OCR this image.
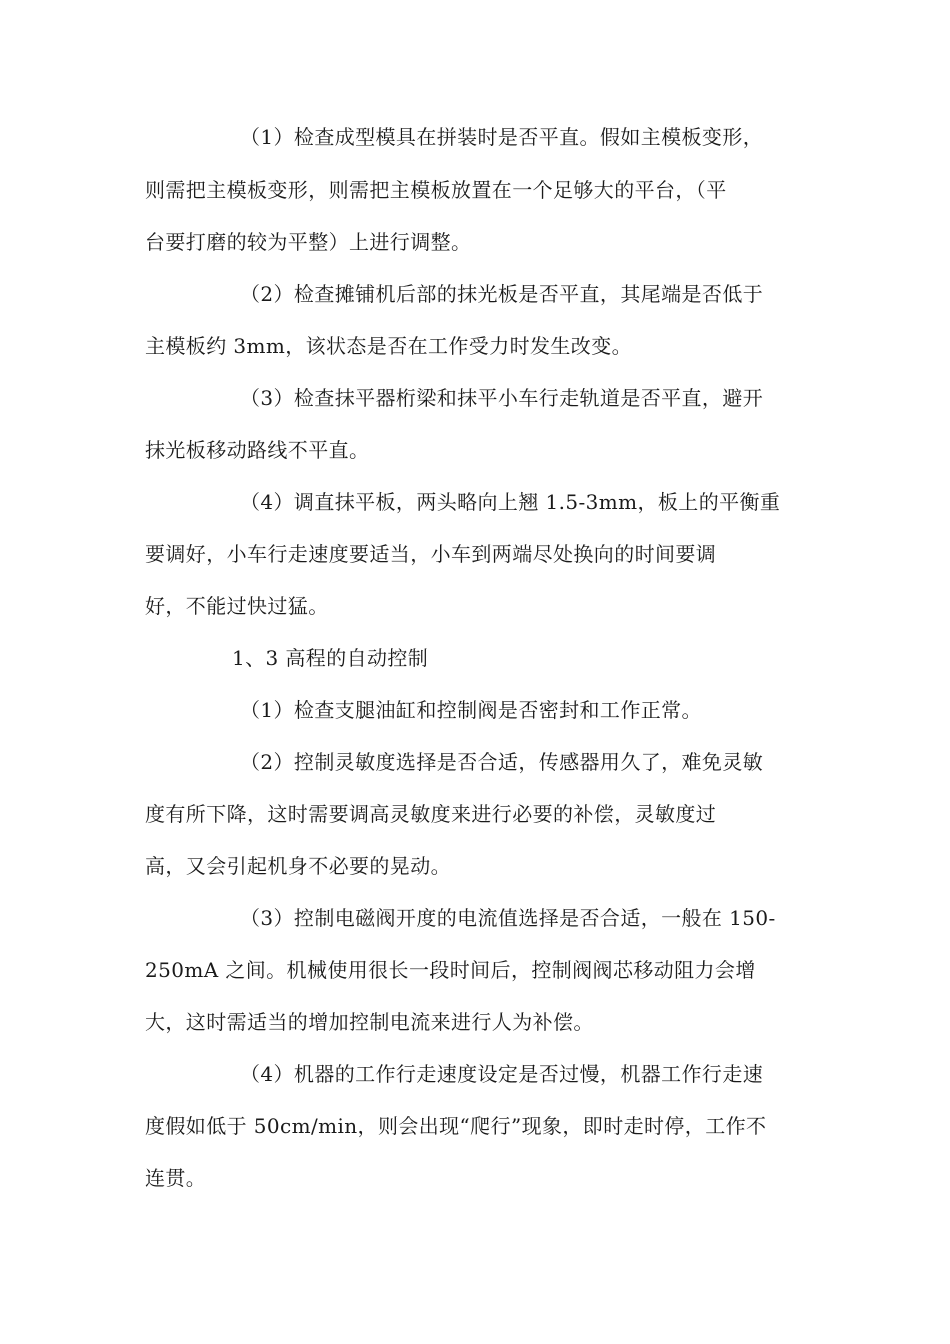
（1）检查成型模具在拼装时是否平直。假如主模板变形，
则需把主模板变形，则需把主模板放置在一个足够大的平台，（平
台要打磨的较为平整）上进行调整。
（2）检查摊铺机后部的抹光板是否平直，其尾端是否低于
主模板约 3mm，该状态是否在工作受力时发生改变。
（3）检查抹平器桁梁和抹平小车行走轨道是否平直，避开
抹光板移动路线不平直。
（4）调直抹平板，两头略向上翘 1.5-3mm，板上的平衡重
要调好，小车行走速度要适当，小车到两端尽处换向的时间要调
好，不能过快过猛。
1、3 高程的自动控制
（1）检查支腿油缸和控制阀是否密封和工作正常。
（2）控制灵敏度选择是否合适，传感器用久了，难免灵敏
度有所下降，这时需要调高灵敏度来进行必要的补偿，灵敏度过
高，又会引起机身不必要的晃动。
（3）控制电磁阀开度的电流值选择是否合适，一般在 150-
250mA 之间。机械使用很长一段时间后，控制阀阀芯移动阻力会增
大，这时需适当的增加控制电流来进行人为补偿。
（4）机器的工作行走速度设定是否过慢，机器工作行走速
度假如低于 50cm/min，则会出现“爬行”现象，即时走时停，工作不
连贯。
